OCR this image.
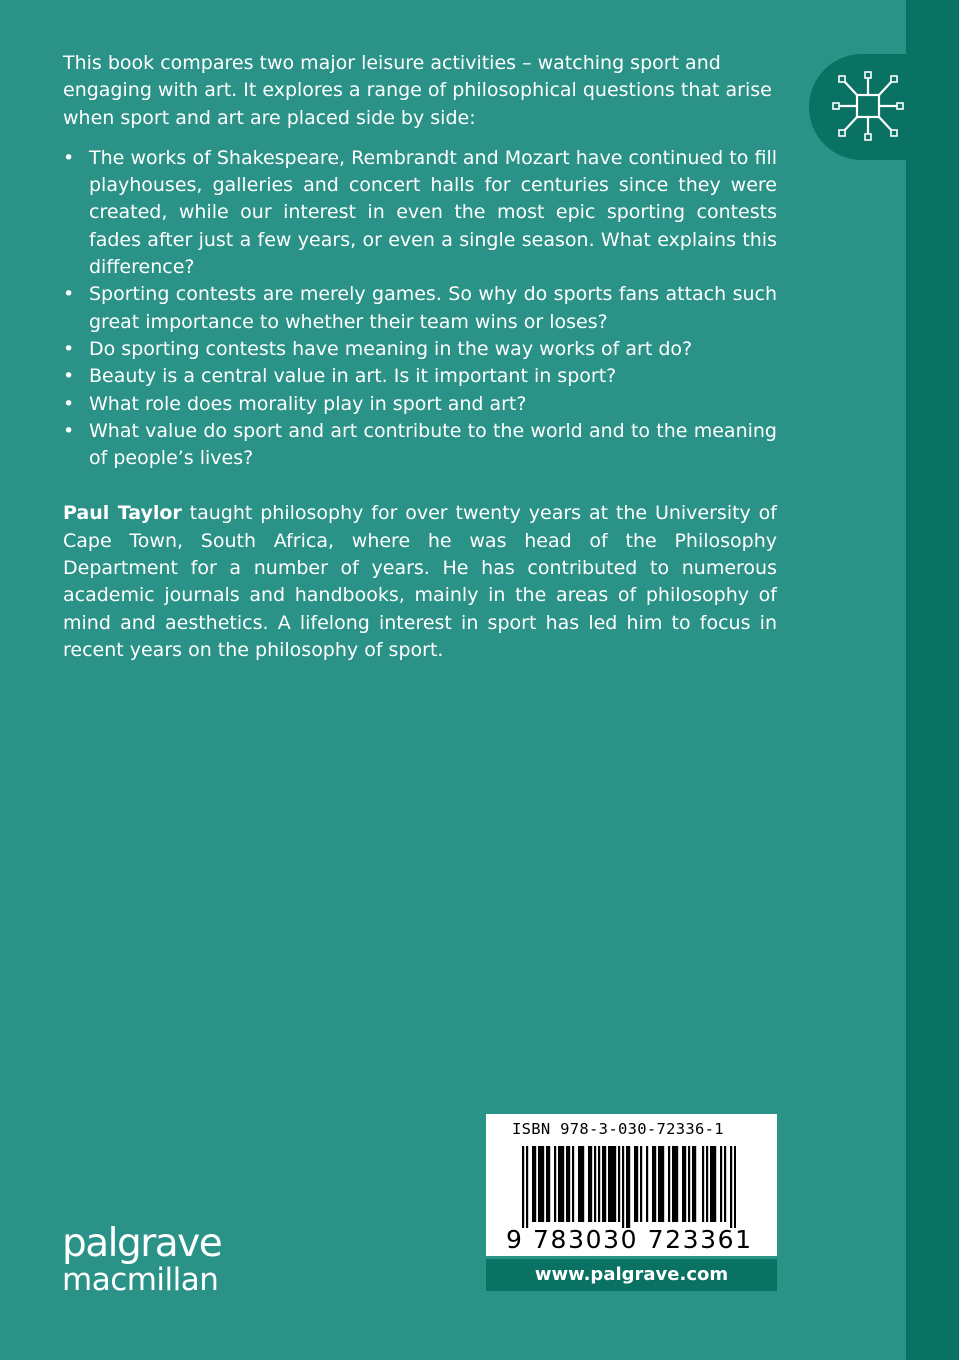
This book compares two major leisure activities – watching sport and engaging with art. It explores a range of philosophical questions that arise when sport and art are placed side by side:

• The works of Shakespeare, Rembrandt and Mozart have continued to fill playhouses, galleries and concert halls for centuries since they were created, while our interest in even the most epic sporting contests fades after just a few years, or even a single season. What explains this difference?
• Sporting contests are merely games. So why do sports fans attach such great importance to whether their team wins or loses?
• Do sporting contests have meaning in the way works of art do?
• Beauty is a central value in art. Is it important in sport?
• What role does morality play in sport and art?
• What value do sport and art contribute to the world and to the meaning of people’s lives?

Paul Taylor taught philosophy for over twenty years at the University of Cape Town, South Africa, where he was head of the Philosophy Department for a number of years. He has contributed to numerous academic journals and handbooks, mainly in the areas of philosophy of mind and aesthetics. A lifelong interest in sport has led him to focus in recent years on the philosophy of sport.

palgrave
macmillan
ISBN 978-3-030-72336-1
9 783030 723361
www.palgrave.com
